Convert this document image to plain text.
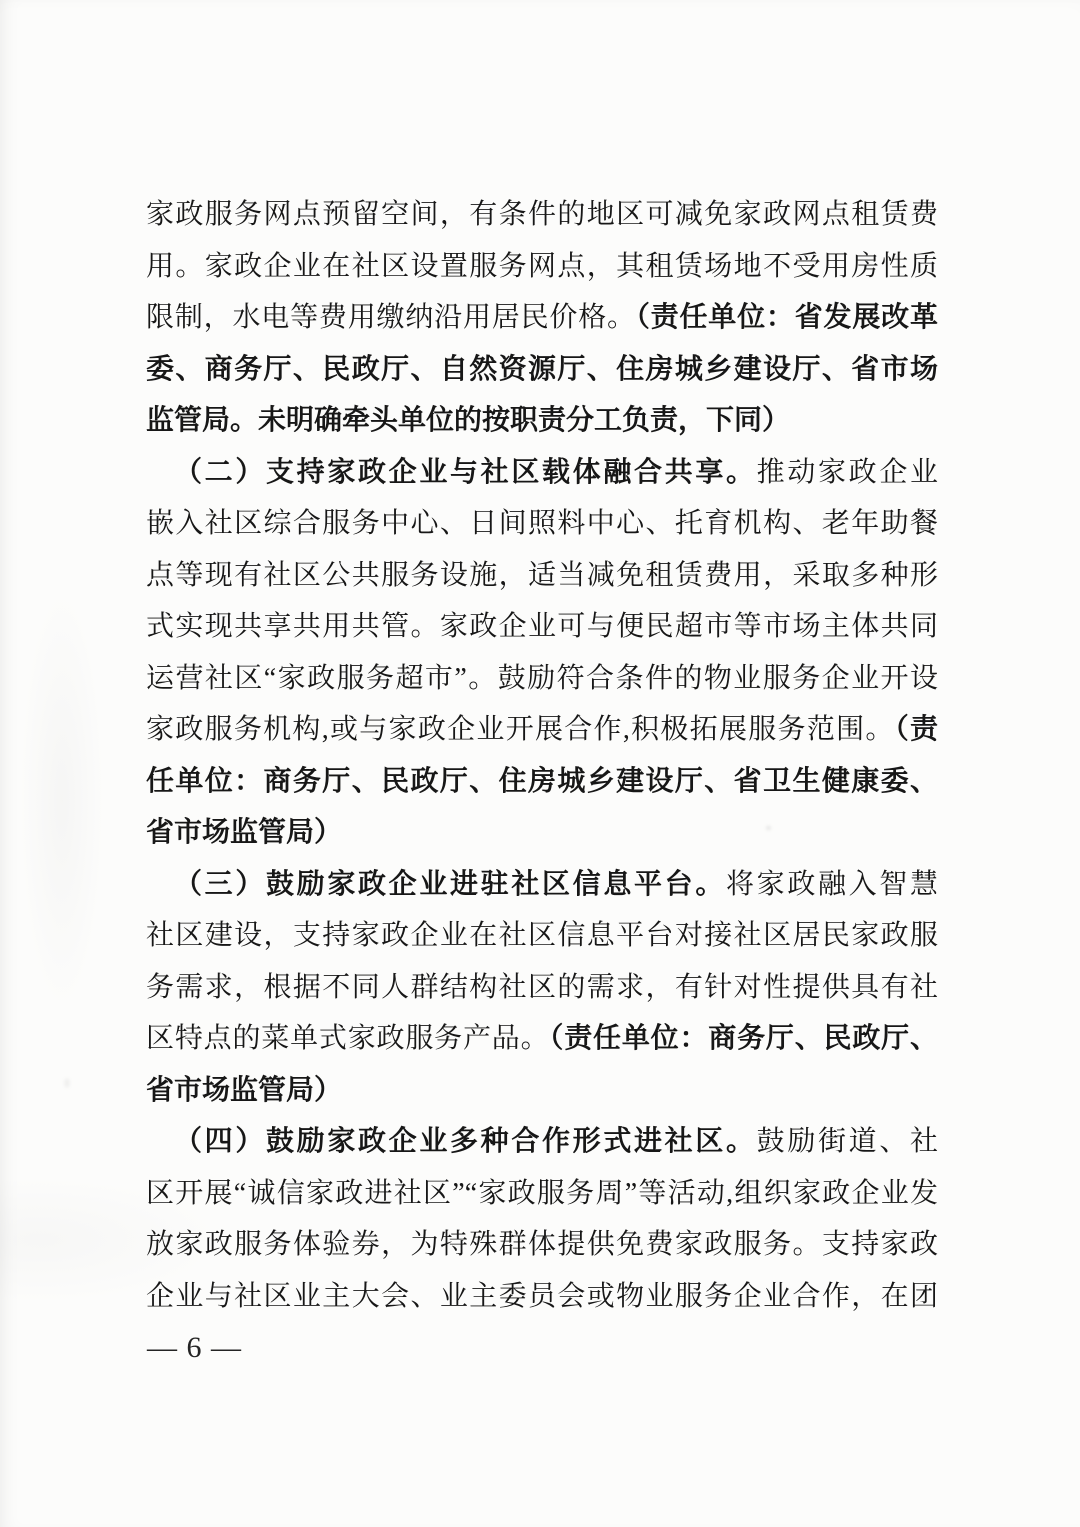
家政服务网点预留空间，有条件的地区可减免家政网点租赁费
用。家政企业在社区设置服务网点，其租赁场地不受用房性质
限制，水电等费用缴纳沿用居民价格。（责任单位：省发展改革
委、商务厅、民政厅、自然资源厅、住房城乡建设厅、省市场
监管局。未明确牵头单位的按职责分工负责，下同）
（二）支持家政企业与社区载体融合共享。推动家政企业
嵌入社区综合服务中心、日间照料中心、托育机构、老年助餐
点等现有社区公共服务设施，适当减免租赁费用，采取多种形
式实现共享共用共管。家政企业可与便民超市等市场主体共同
运营社区“家政服务超市”。鼓励符合条件的物业服务企业开设
家政服务机构,或与家政企业开展合作,积极拓展服务范围。（责
任单位：商务厅、民政厅、住房城乡建设厅、省卫生健康委、
省市场监管局）
（三）鼓励家政企业进驻社区信息平台。将家政融入智慧
社区建设，支持家政企业在社区信息平台对接社区居民家政服
务需求，根据不同人群结构社区的需求，有针对性提供具有社
区特点的菜单式家政服务产品。（责任单位：商务厅、民政厅、
省市场监管局）
（四）鼓励家政企业多种合作形式进社区。鼓励街道、社
区开展“诚信家政进社区”“家政服务周”等活动,组织家政企业发
放家政服务体验券，为特殊群体提供免费家政服务。支持家政
企业与社区业主大会、业主委员会或物业服务企业合作，在团
— 6 —
